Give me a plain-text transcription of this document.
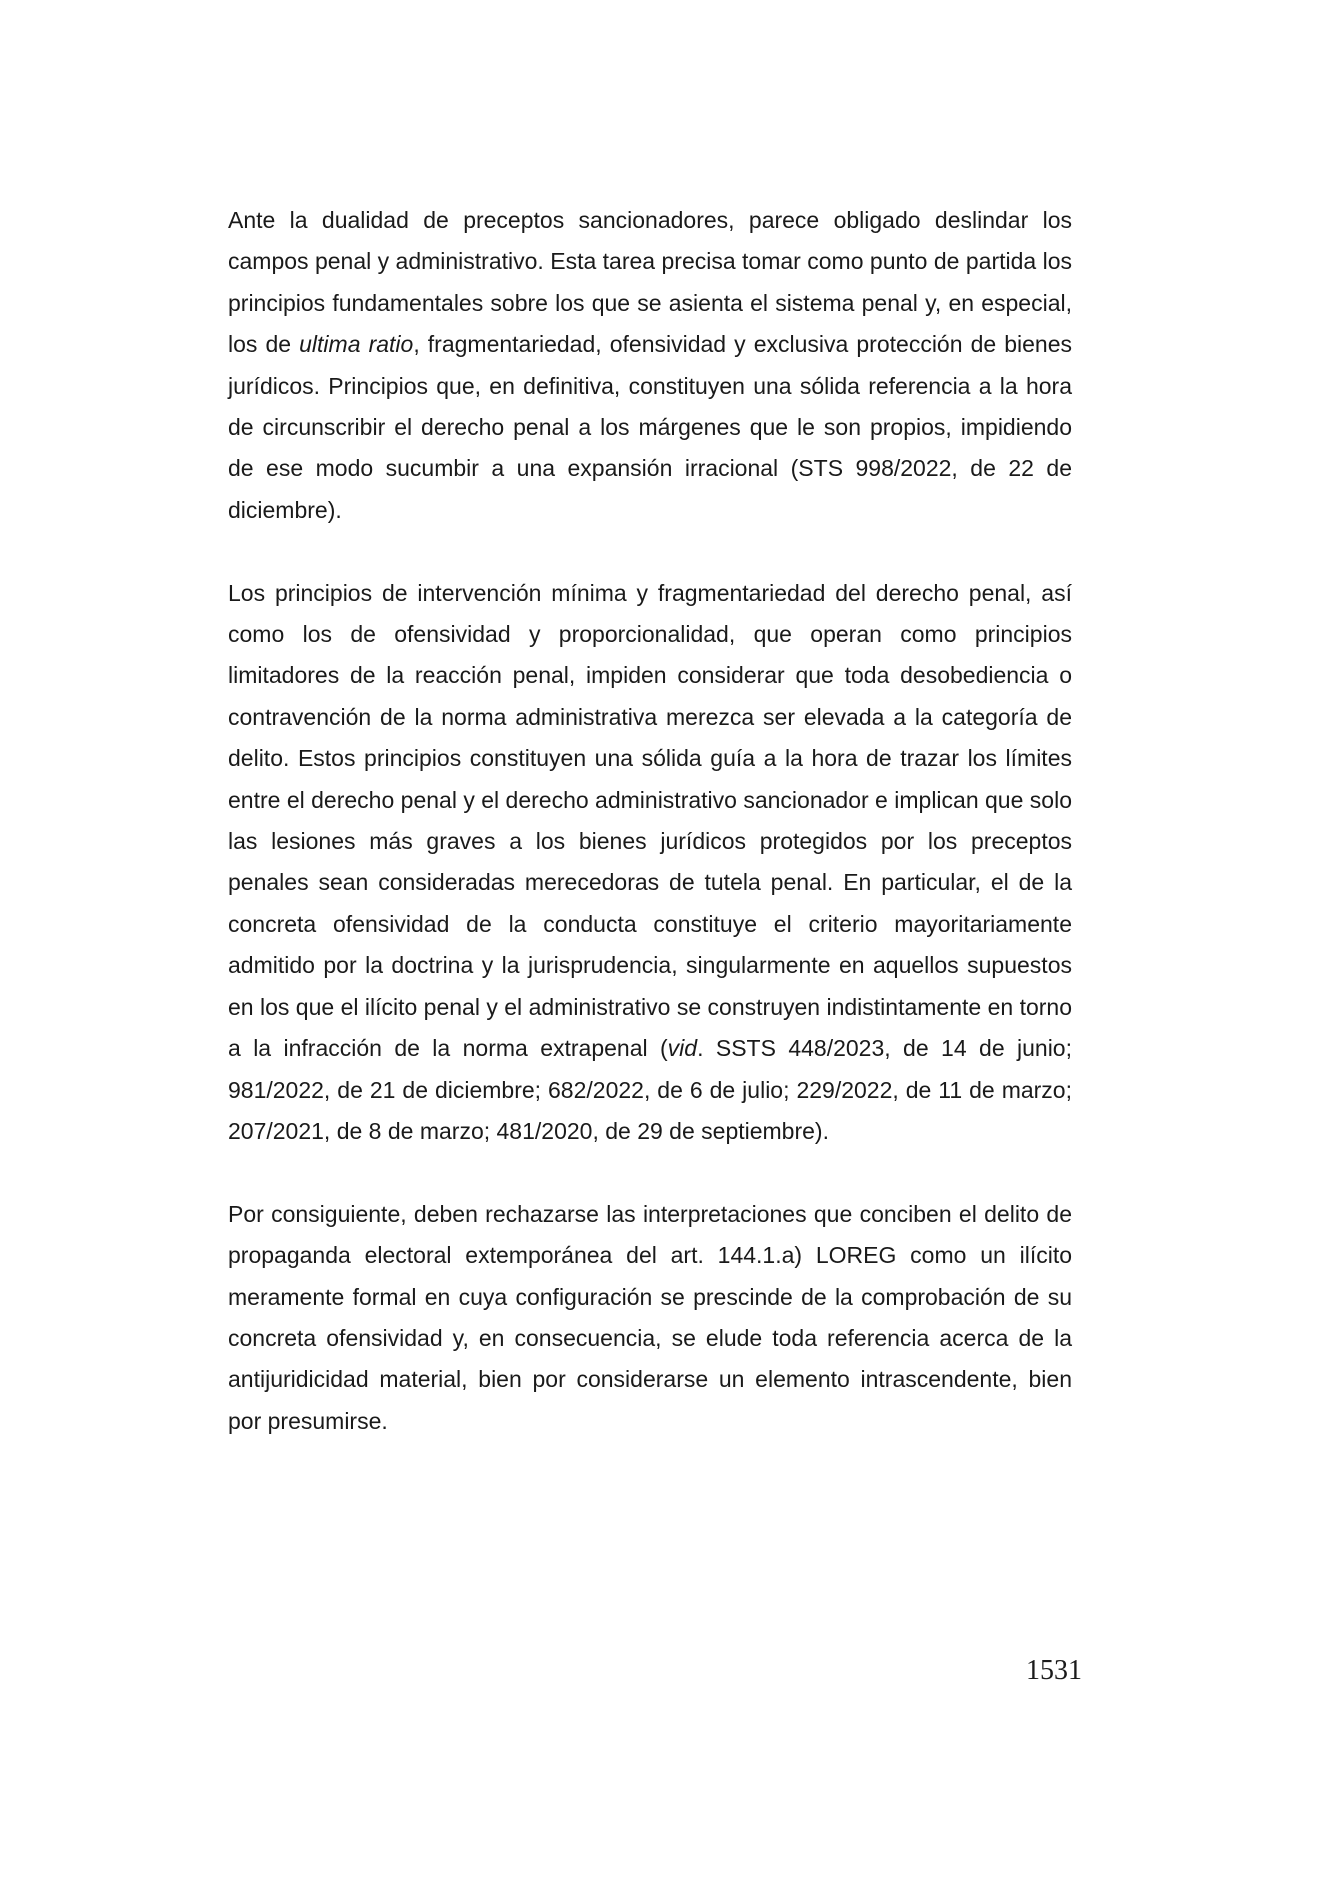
Ante la dualidad de preceptos sancionadores, parece obligado deslindar los campos penal y administrativo. Esta tarea precisa tomar como punto de partida los principios fundamentales sobre los que se asienta el sistema penal y, en especial, los de ultima ratio, fragmentariedad, ofensividad y exclusiva protección de bienes jurídicos. Principios que, en definitiva, constituyen una sólida referencia a la hora de circunscribir el derecho penal a los márgenes que le son propios, impidiendo de ese modo sucumbir a una expansión irracional (STS 998/2022, de 22 de diciembre).

Los principios de intervención mínima y fragmentariedad del derecho penal, así como los de ofensividad y proporcionalidad, que operan como principios limitadores de la reacción penal, impiden considerar que toda desobediencia o contravención de la norma administrativa merezca ser elevada a la categoría de delito. Estos principios constituyen una sólida guía a la hora de trazar los límites entre el derecho penal y el derecho administrativo sancionador e implican que solo las lesiones más graves a los bienes jurídicos protegidos por los preceptos penales sean consideradas merecedoras de tutela penal. En particular, el de la concreta ofensividad de la conducta constituye el criterio mayoritariamente admitido por la doctrina y la jurisprudencia, singularmente en aquellos supuestos en los que el ilícito penal y el administrativo se construyen indistintamente en torno a la infracción de la norma extrapenal (vid. SSTS 448/2023, de 14 de junio; 981/2022, de 21 de diciembre; 682/2022, de 6 de julio; 229/2022, de 11 de marzo; 207/2021, de 8 de marzo; 481/2020, de 29 de septiembre).

Por consiguiente, deben rechazarse las interpretaciones que conciben el delito de propaganda electoral extemporánea del art. 144.1.a) LOREG como un ilícito meramente formal en cuya configuración se prescinde de la comprobación de su concreta ofensividad y, en consecuencia, se elude toda referencia acerca de la antijuridicidad material, bien por considerarse un elemento intrascendente, bien por presumirse.

1531
